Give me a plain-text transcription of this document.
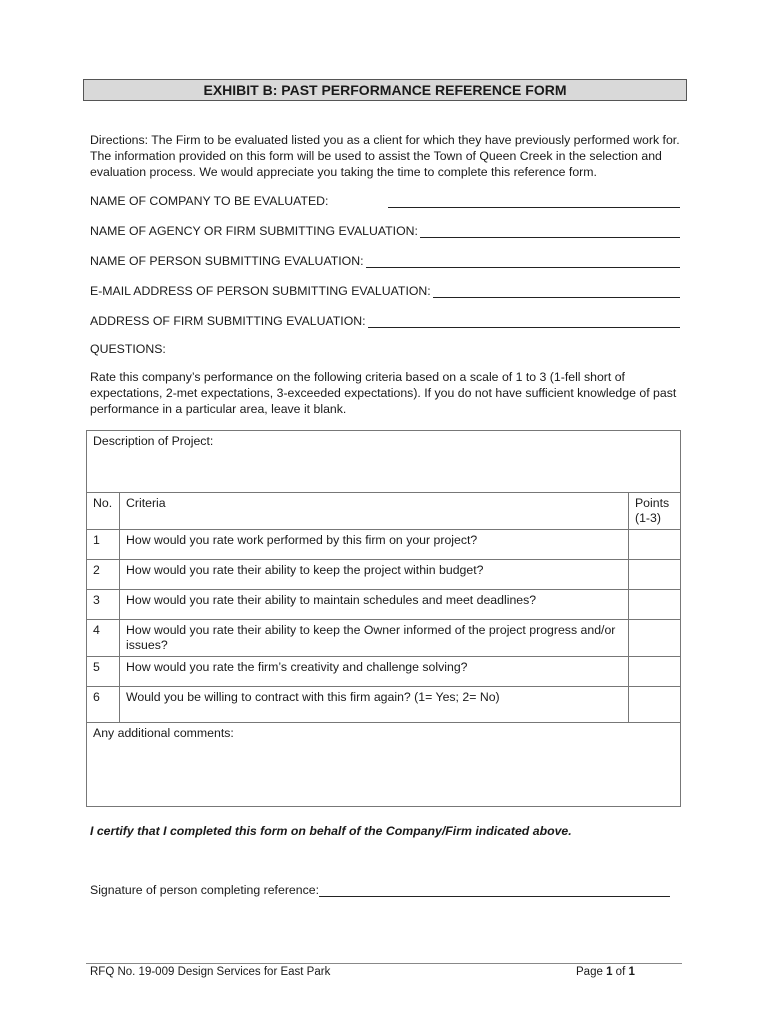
EXHIBIT B: PAST PERFORMANCE REFERENCE FORM
Directions: The Firm to be evaluated listed you as a client for which they have previously performed work for. The information provided on this form will be used to assist the Town of Queen Creek in the selection and evaluation process. We would appreciate you taking the time to complete this reference form.
NAME OF COMPANY TO BE EVALUATED:
NAME OF AGENCY OR FIRM SUBMITTING EVALUATION:
NAME OF PERSON SUBMITTING EVALUATION:
E-MAIL ADDRESS OF PERSON SUBMITTING EVALUATION:
ADDRESS OF FIRM SUBMITTING EVALUATION:
QUESTIONS:
Rate this company’s performance on the following criteria based on a scale of 1 to 3 (1-fell short of expectations, 2-met expectations, 3-exceeded expectations). If you do not have sufficient knowledge of past performance in a particular area, leave it blank.
Description of Project:		
No.	Criteria	Points
(1-3)

1	How would you rate work performed by this firm on your project?	
2	How would you rate their ability to keep the project within budget?	
3	How would you rate their ability to maintain schedules and meet deadlines?	
4	How would you rate their ability to keep the Owner informed of the project progress and/or issues?	
5	How would you rate the firm’s creativity and challenge solving?	
6	Would you be willing to contract with this firm again? (1= Yes; 2= No)	
Any additional comments:		
I certify that I completed this form on behalf of the Company/Firm indicated above.
Signature of person completing reference:
RFQ No. 19-009 Design Services for East Park	Page 1 of 1
